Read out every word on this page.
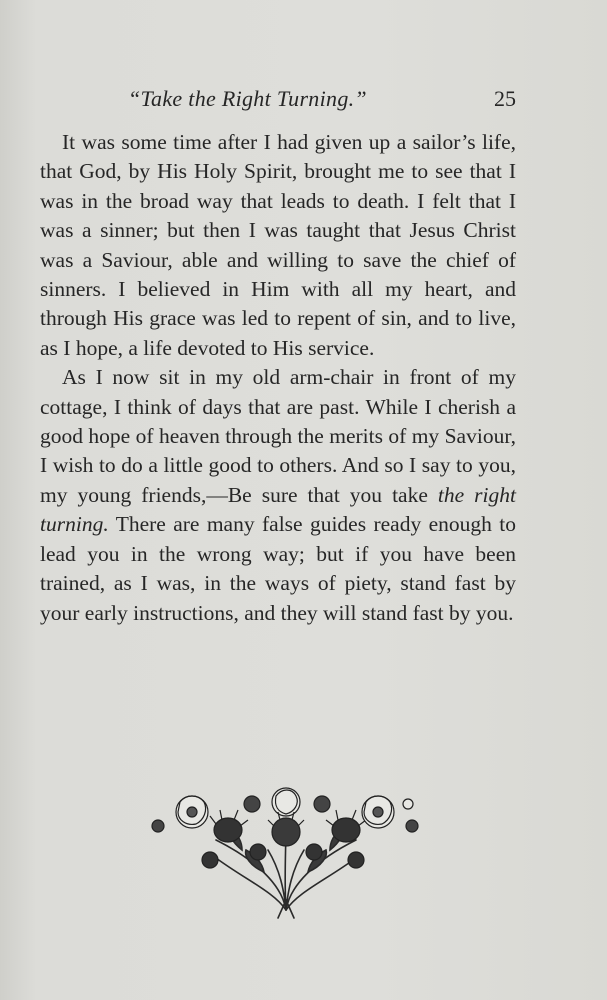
“Take the Right Turning.”	25

It was some time after I had given up a sailor’s life, that God, by His Holy Spirit, brought me to see that I was in the broad way that leads to death. I felt that I was a sinner; but then I was taught that Jesus Christ was a Saviour, able and willing to save the chief of sinners. I believed in Him with all my heart, and through His grace was led to repent of sin, and to live, as I hope, a life devoted to His service.

As I now sit in my old arm-chair in front of my cottage, I think of days that are past. While I cherish a good hope of heaven through the merits of my Saviour, I wish to do a little good to others. And so I say to you, my young friends,—Be sure that you take the right turning. There are many false guides ready enough to lead you in the wrong way; but if you have been trained, as I was, in the ways of piety, stand fast by your early instructions, and they will stand fast by you.
